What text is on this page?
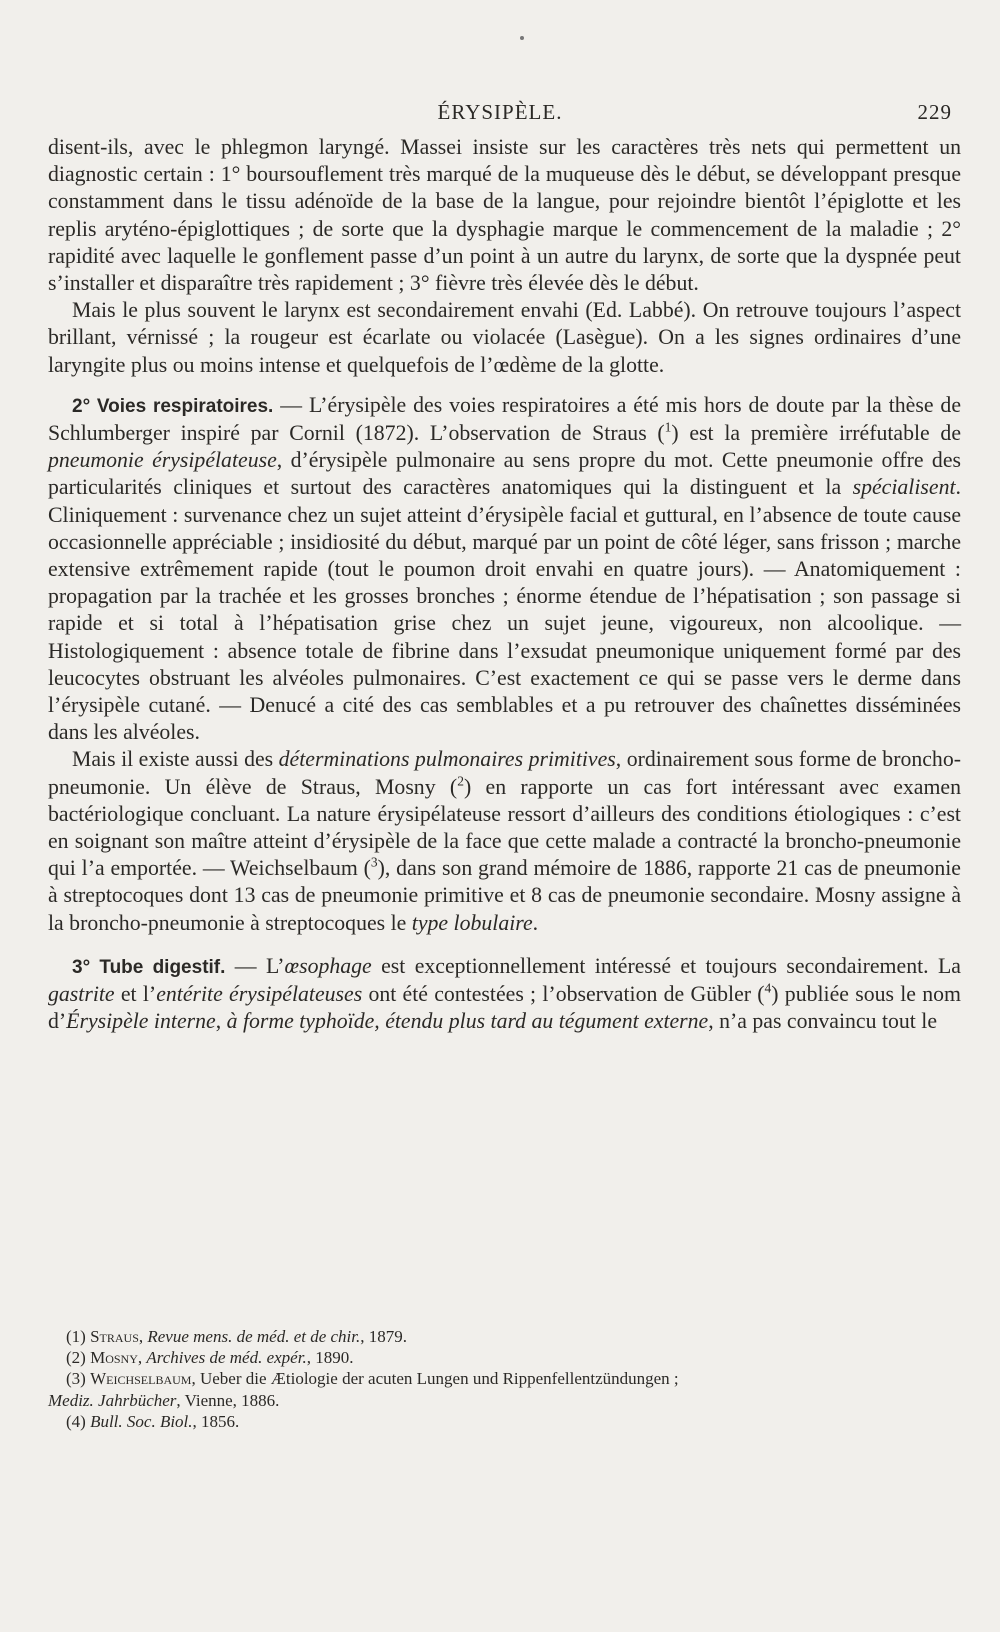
ÉRYSIPÈLE.	229

disent-ils, avec le phlegmon laryngé. Massei insiste sur les caractères très nets qui permettent un diagnostic certain : 1° boursouflement très marqué de la muqueuse dès le début, se développant presque constamment dans le tissu adénoïde de la base de la langue, pour rejoindre bientôt l’épiglotte et les replis aryténo-épiglottiques ; de sorte que la dysphagie marque le commencement de la maladie ; 2° rapidité avec laquelle le gonflement passe d’un point à un autre du larynx, de sorte que la dyspnée peut s’installer et disparaître très rapidement ; 3° fièvre très élevée dès le début.

Mais le plus souvent le larynx est secondairement envahi (Ed. Labbé). On retrouve toujours l’aspect brillant, vérnissé ; la rougeur est écarlate ou violacée (Lasègue). On a les signes ordinaires d’une laryngite plus ou moins intense et quelquefois de l’œdème de la glotte.

2° Voies respiratoires. — L’érysipèle des voies respiratoires a été mis hors de doute par la thèse de Schlumberger inspiré par Cornil (1872). L’observation de Straus ($^1$) est la première irréfutable de pneumonie érysipélateuse, d’érysipèle pulmonaire au sens propre du mot. Cette pneumonie offre des particularités cliniques et surtout des caractères anatomiques qui la distinguent et la spécialisent. Cliniquement : survenance chez un sujet atteint d’érysipèle facial et guttural, en l’absence de toute cause occasionnelle appréciable ; insidiosité du début, marqué par un point de côté léger, sans frisson ; marche extensive extrêmement rapide (tout le poumon droit envahi en quatre jours). — Anatomiquement : propagation par la trachée et les grosses bronches ; énorme étendue de l’hépatisation ; son passage si rapide et si total à l’hépatisation grise chez un sujet jeune, vigoureux, non alcoolique. — Histologiquement : absence totale de fibrine dans l’exsudat pneumonique uniquement formé par des leucocytes obstruant les alvéoles pulmonaires. C’est exactement ce qui se passe vers le derme dans l’érysipèle cutané. — Denucé a cité des cas semblables et a pu retrouver des chaînettes disséminées dans les alvéoles.

Mais il existe aussi des déterminations pulmonaires primitives, ordinairement sous forme de broncho-pneumonie. Un élève de Straus, Mosny ($^2$) en rapporte un cas fort intéressant avec examen bactériologique concluant. La nature érysipélateuse ressort d’ailleurs des conditions étiologiques : c’est en soignant son maître atteint d’érysipèle de la face que cette malade a contracté la broncho-pneumonie qui l’a emportée. — Weichselbaum ($^3$), dans son grand mémoire de 1886, rapporte 21 cas de pneumonie à streptocoques dont 13 cas de pneumonie primitive et 8 cas de pneumonie secondaire. Mosny assigne à la broncho-pneumonie à streptocoques le type lobulaire.

3° Tube digestif. — L’œsophage est exceptionnellement intéressé et toujours secondairement. La gastrite et l’entérite érysipélateuses ont été contestées ; l’observation de Gübler ($^4$) publiée sous le nom d’Érysipèle interne, à forme typhoïde, étendu plus tard au tégument externe, n’a pas convaincu tout le

(1) Straus, Revue mens. de méd. et de chir., 1879.
(2) Mosny, Archives de méd. expér., 1890.
(3) Weichselbaum, Ueber die Ætiologie der acuten Lungen und Rippenfellentzündungen ;
Mediz. Jahrbücher, Vienne, 1886.
(4) Bull. Soc. Biol., 1856.
